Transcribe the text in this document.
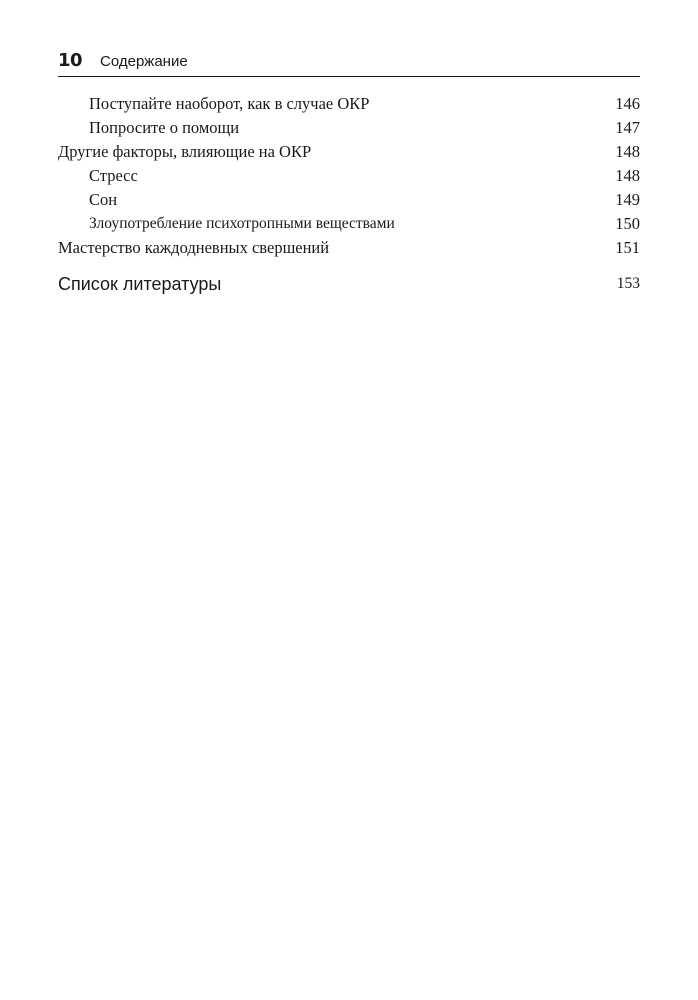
10 Содержание
Поступайте наоборот, как в случае ОКР	146
Попросите о помощи	147
Другие факторы, влияющие на ОКР	148
Стресс	148
Сон	149
Злоупотребление психотропными веществами	150
Мастерство каждодневных свершений	151
Список литературы	153
